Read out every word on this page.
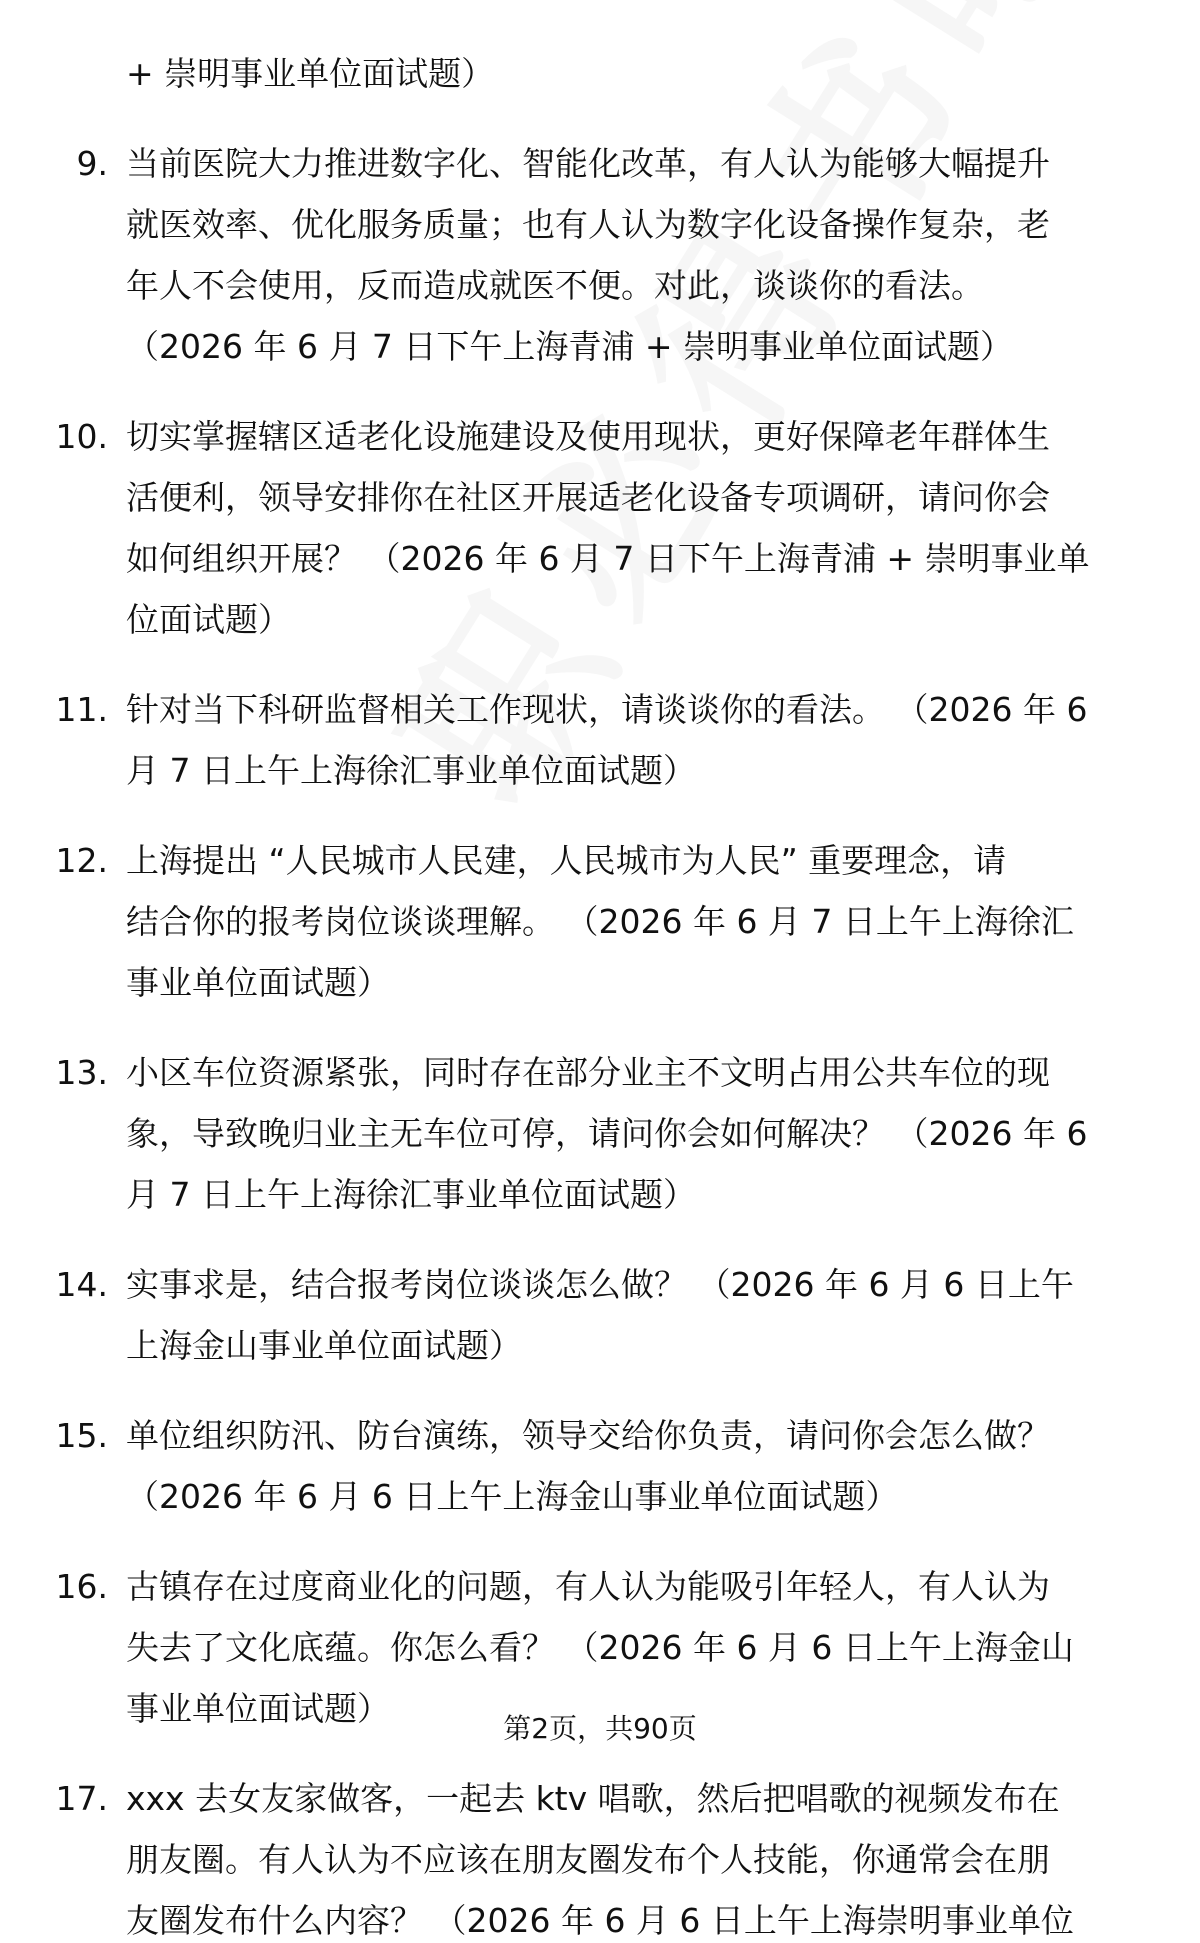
+ 崇明事业单位面试题）
9. 当前医院大力推进数字化、智能化改革，有人认为能够大幅提升
就医效率、优化服务质量；也有人认为数字化设备操作复杂，老
年人不会使用，反而造成就医不便。对此，谈谈你的看法。
（2026 年 6 月 7 日下午上海青浦 + 崇明事业单位面试题）
10. 切实掌握辖区适老化设施建设及使用现状，更好保障老年群体生
活便利，领导安排你在社区开展适老化设备专项调研，请问你会
如何组织开展？ （2026 年 6 月 7 日下午上海青浦 + 崇明事业单
位面试题）
11. 针对当下科研监督相关工作现状，请谈谈你的看法。 （2026 年 6
月 7 日上午上海徐汇事业单位面试题）
12. 上海提出 “人民城市人民建，人民城市为人民” 重要理念，请
结合你的报考岗位谈谈理解。 （2026 年 6 月 7 日上午上海徐汇
事业单位面试题）
13. 小区车位资源紧张，同时存在部分业主不文明占用公共车位的现
象，导致晚归业主无车位可停，请问你会如何解决？ （2026 年 6
月 7 日上午上海徐汇事业单位面试题）
14. 实事求是，结合报考岗位谈谈怎么做？ （2026 年 6 月 6 日上午
上海金山事业单位面试题）
15. 单位组织防汛、防台演练，领导交给你负责，请问你会怎么做？
（2026 年 6 月 6 日上午上海金山事业单位面试题）
16. 古镇存在过度商业化的问题，有人认为能吸引年轻人，有人认为
失去了文化底蕴。你怎么看？ （2026 年 6 月 6 日上午上海金山
事业单位面试题）
17. xxx 去女友家做客，一起去 ktv 唱歌，然后把唱歌的视频发布在
朋友圈。有人认为不应该在朋友圈发布个人技能，你通常会在朋
友圈发布什么内容？ （2026 年 6 月 6 日上午上海崇明事业单位
第2页，共90页
